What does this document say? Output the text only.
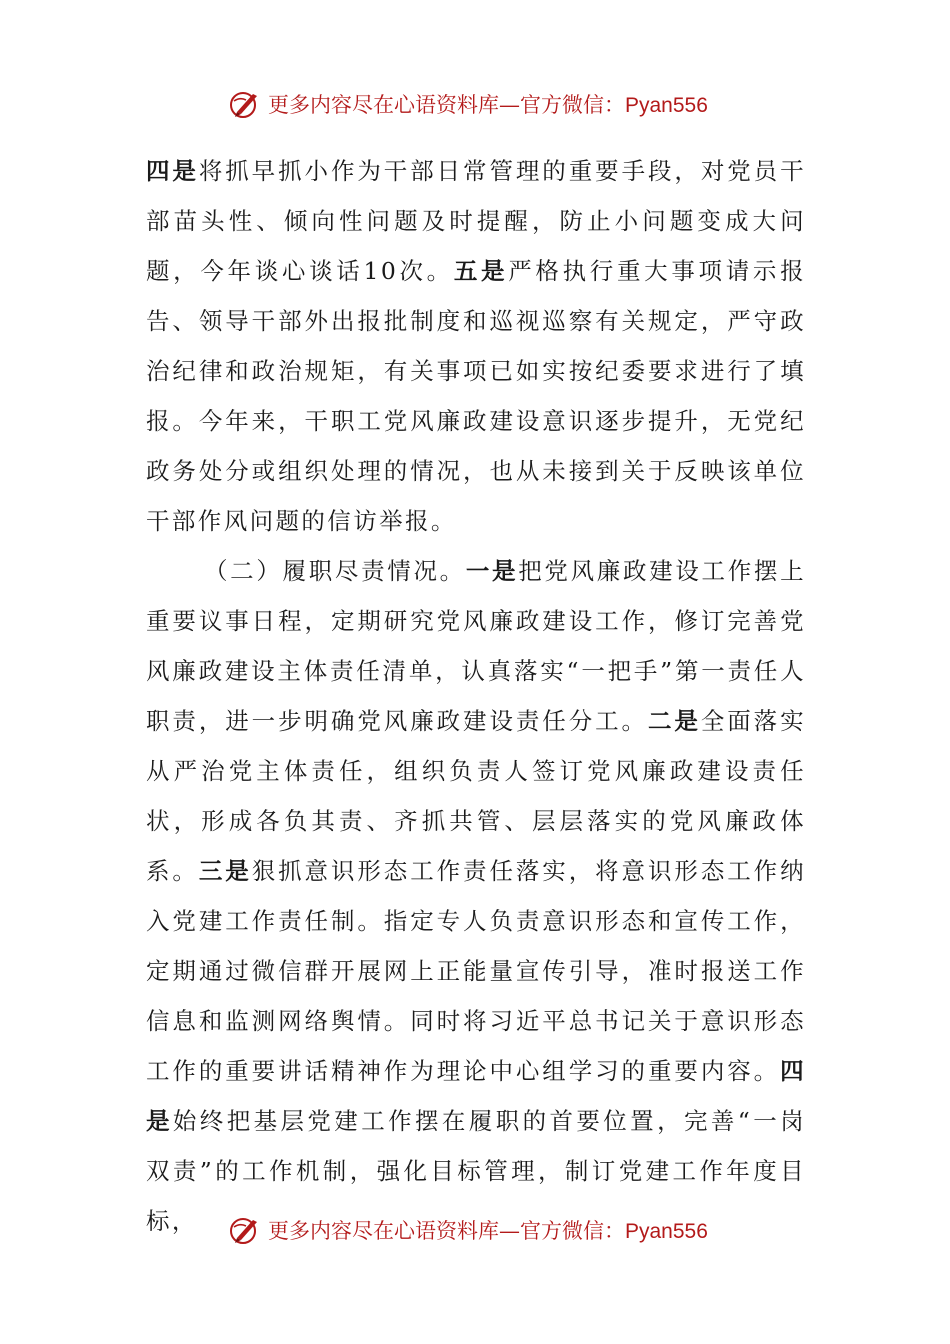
更多内容尽在心语资料库—官方微信：Pyan556

四是将抓早抓小作为干部日常管理的重要手段，对党员干部苗头性、倾向性问题及时提醒，防止小问题变成大问题，今年谈心谈话10次。五是严格执行重大事项请示报告、领导干部外出报批制度和巡视巡察有关规定，严守政治纪律和政治规矩，有关事项已如实按纪委要求进行了填报。今年来，干职工党风廉政建设意识逐步提升，无党纪政务处分或组织处理的情况，也从未接到关于反映该单位干部作风问题的信访举报。

（二）履职尽责情况。一是把党风廉政建设工作摆上重要议事日程，定期研究党风廉政建设工作，修订完善党风廉政建设主体责任清单，认真落实“一把手”第一责任人职责，进一步明确党风廉政建设责任分工。二是全面落实从严治党主体责任，组织负责人签订党风廉政建设责任状，形成各负其责、齐抓共管、层层落实的党风廉政体系。三是狠抓意识形态工作责任落实，将意识形态工作纳入党建工作责任制。指定专人负责意识形态和宣传工作，定期通过微信群开展网上正能量宣传引导，准时报送工作信息和监测网络舆情。同时将习近平总书记关于意识形态工作的重要讲话精神作为理论中心组学习的重要内容。四是始终把基层党建工作摆在履职的首要位置，完善“一岗双责”的工作机制，强化目标管理，制订党建工作年度目标，	更多内容尽在心语资料库—官方微信：Pyan556
